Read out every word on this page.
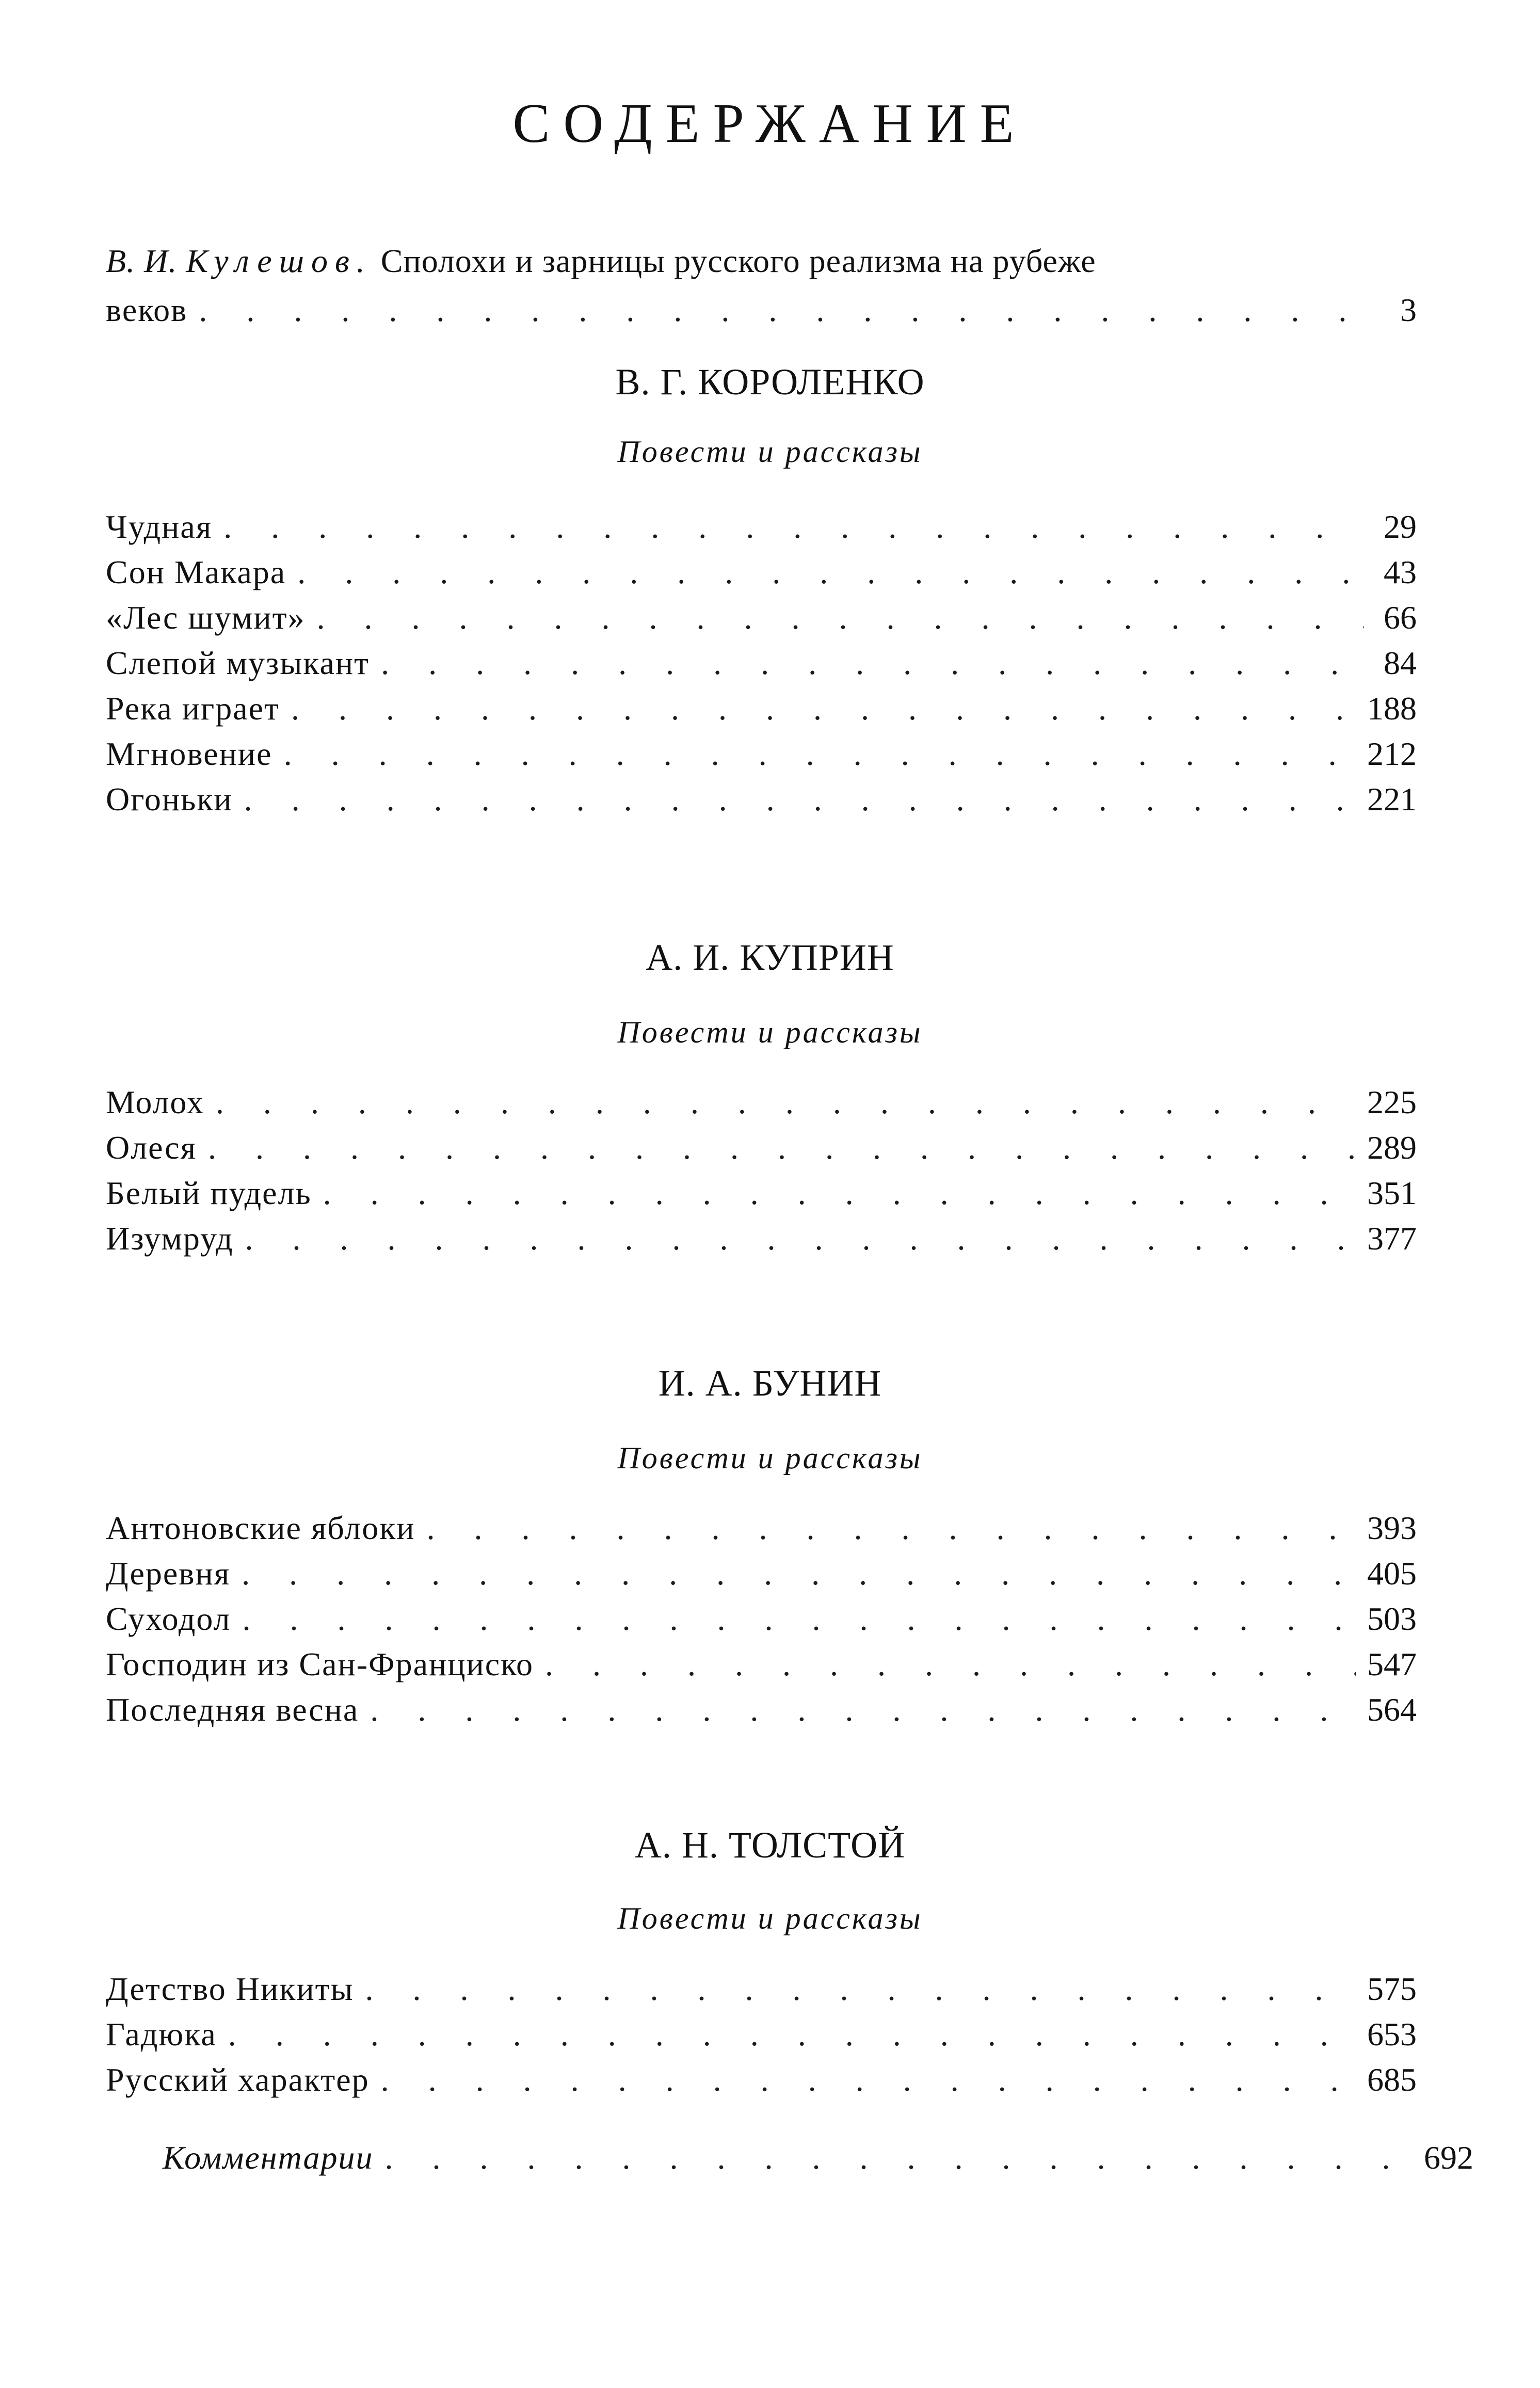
СОДЕРЖАНИЕ
В. И. Кулешов. Сполохи и зарницы русского реализма на рубеже
веков . . .	3
В. Г. КОРОЛЕНКО
Повести и рассказы
Чудная . . .	29
Сон Макара . . .	43
«Лес шумит» . . .	66
Слепой музыкант . . .	84
Река играет . . .	188
Мгновение . . .	212
Огоньки . . .	221
А. И. КУПРИН
Повести и рассказы
Молох . . .	225
Олеся . . .	289
Белый пудель . . .	351
Изумруд . . .	377
И. А. БУНИН
Повести и рассказы
Антоновские яблоки . . .	393
Деревня . . .	405
Суходол . . .	503
Господин из Сан-Франциско . . .	547
Последняя весна . . .	564
А. Н. ТОЛСТОЙ
Повести и рассказы
Детство Никиты . . .	575
Гадюка . . .	653
Русский характер . . .	685
Комментарии . . .	692
